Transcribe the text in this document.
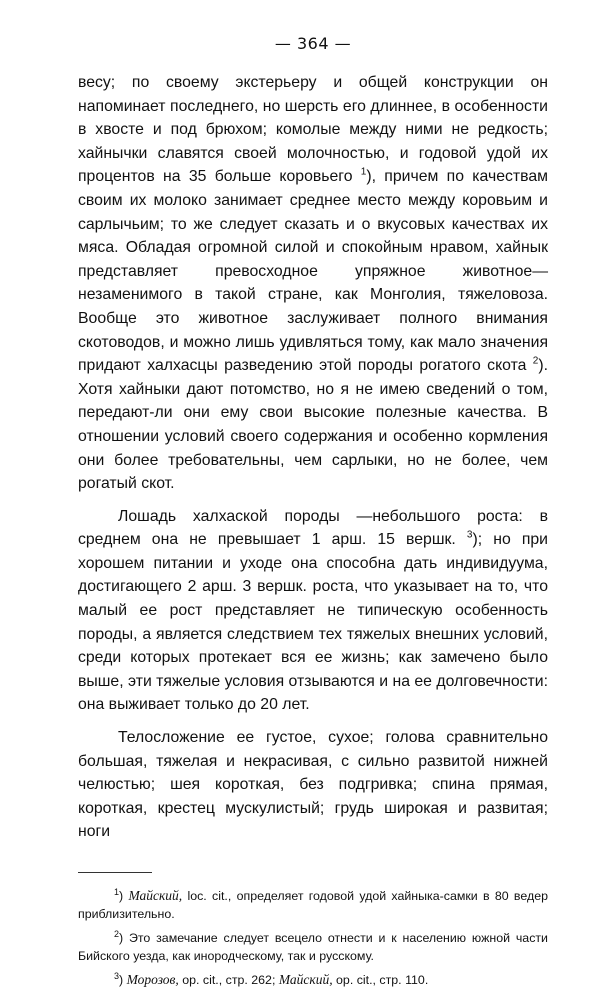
— 364 —

весу; по своему экстерьеру и общей конструкции он напоминает последнего, но шерсть его длиннее, в особенности в хвосте и под брюхом; комолые между ними не редкость; хайнычки славятся своей молочностью, и годовой удой их процентов на 35 больше коровьего $^1$), причем по качествам своим их молоко занимает среднее место между коровьим и сарлычьим; то же следует сказать и о вкусовых качествах их мяса. Обладая огромной силой и спокойным нравом, хайнык представляет превосходное упряжное животное—незаменимого в такой стране, как Монголия, тяжеловоза. Вообще это животное заслуживает полного внимания скотоводов, и можно лишь удивляться тому, как мало значения придают халхасцы разведению этой породы рогатого скота $^2$). Хотя хайныки дают потомство, но я не имею сведений о том, передают-ли они ему свои высокие полезные качества. В отношении условий своего содержания и особенно кормления они более требовательны, чем сарлыки, но не более, чем рогатый скот.

Лошадь халхаской породы —небольшого роста: в среднем она не превышает 1 арш. 15 вершк. $^3$); но при хорошем питании и уходе она способна дать индивидуума, достигающего 2 арш. 3 вершк. роста, что указывает на то, что малый ее рост представляет не типическую особенность породы, а является следствием тех тяжелых внешних условий, среди которых протекает вся ее жизнь; как замечено было выше, эти тяжелые условия отзываются и на ее долговечности: она выживает только до 20 лет.

Телосложение ее густое, сухое; голова сравнительно большая, тяжелая и некрасивая, с сильно развитой нижней челюстью; шея короткая, без подгривка; спина прямая, короткая, крестец мускулистый; грудь широкая и развитая; ноги

$^1$) Майский, loc. cit., определяет годовой удой хайныка-самки в 80 ведер приблизительно.

$^2$) Это замечание следует всецело отнести и к населению южной части Бийского уезда, как инородческому, так и русскому.

$^3$) Морозов, op. cit., стр. 262; Майский, op. cit., стр. 110.
